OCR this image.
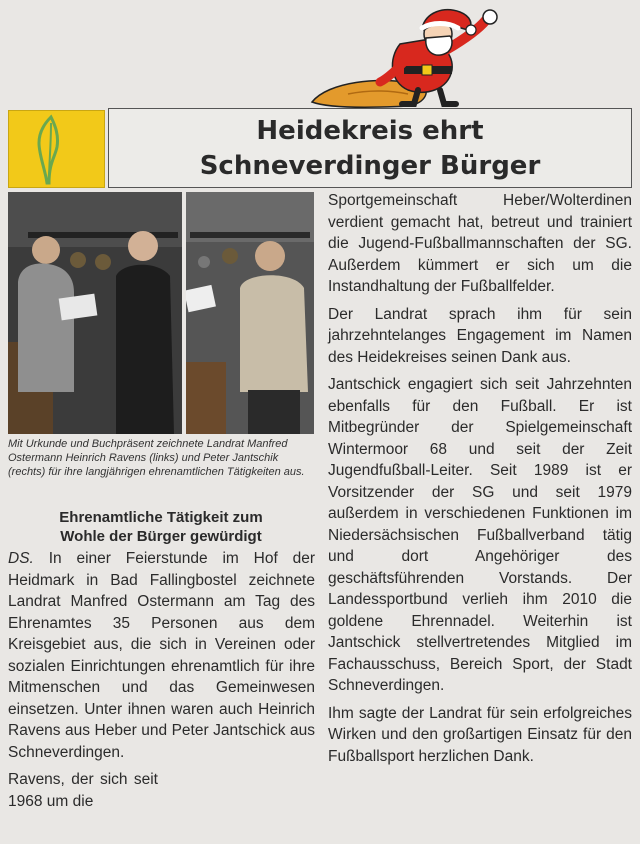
Heidekreis ehrt
Schneverdinger Bürger
Mit Urkunde und Buchpräsent zeichnete Landrat Manfred Ostermann Heinrich Ravens (links) und Peter Jantschik (rechts) für ihre langjährigen ehrenamtlichen Tätigkeiten aus.
Ehrenamtliche Tätigkeit zum
Wohle der Bürger gewürdigt

DS. In einer Feierstunde im Hof der Heidmark in Bad Fallingbostel zeichnete Landrat Manfred Ostermann am Tag des Ehrenamtes 35 Personen aus dem Kreisgebiet aus, die sich in Vereinen oder sozialen Einrichtungen ehrenamtlich für ihre Mitmenschen und das Gemeinwesen einsetzen. Unter ihnen waren auch Heinrich Ravens aus Heber und Peter Jantschick aus Schneverdingen.

Ravens, der sich seit 1968 um die

Sportgemeinschaft Heber/Wolterdinen verdient gemacht hat, betreut und trainiert die Jugend-Fußballmannschaften der SG. Außerdem kümmert er sich um die Instandhaltung der Fußballfelder.

Der Landrat sprach ihm für sein jahrzehntelanges Engagement im Namen des Heidekreises seinen Dank aus.

Jantschick engagiert sich seit Jahrzehnten ebenfalls für den Fußball. Er ist Mitbegründer der Spielgemeinschaft Wintermoor 68 und seit der Zeit Jugendfußball-Leiter. Seit 1989 ist er Vorsitzender der SG und seit 1979 außerdem in verschiedenen Funktionen im Niedersächsischen Fußballverband tätig und dort Angehöriger des geschäftsführenden Vorstands. Der Landessportbund verlieh ihm 2010 die goldene Ehrennadel. Weiterhin ist Jantschick stellvertretendes Mitglied im Fachausschuss, Bereich Sport, der Stadt Schneverdingen.

Ihm sagte der Landrat für sein erfolgreiches Wirken und den großartigen Einsatz für den Fußballsport herzlichen Dank.
